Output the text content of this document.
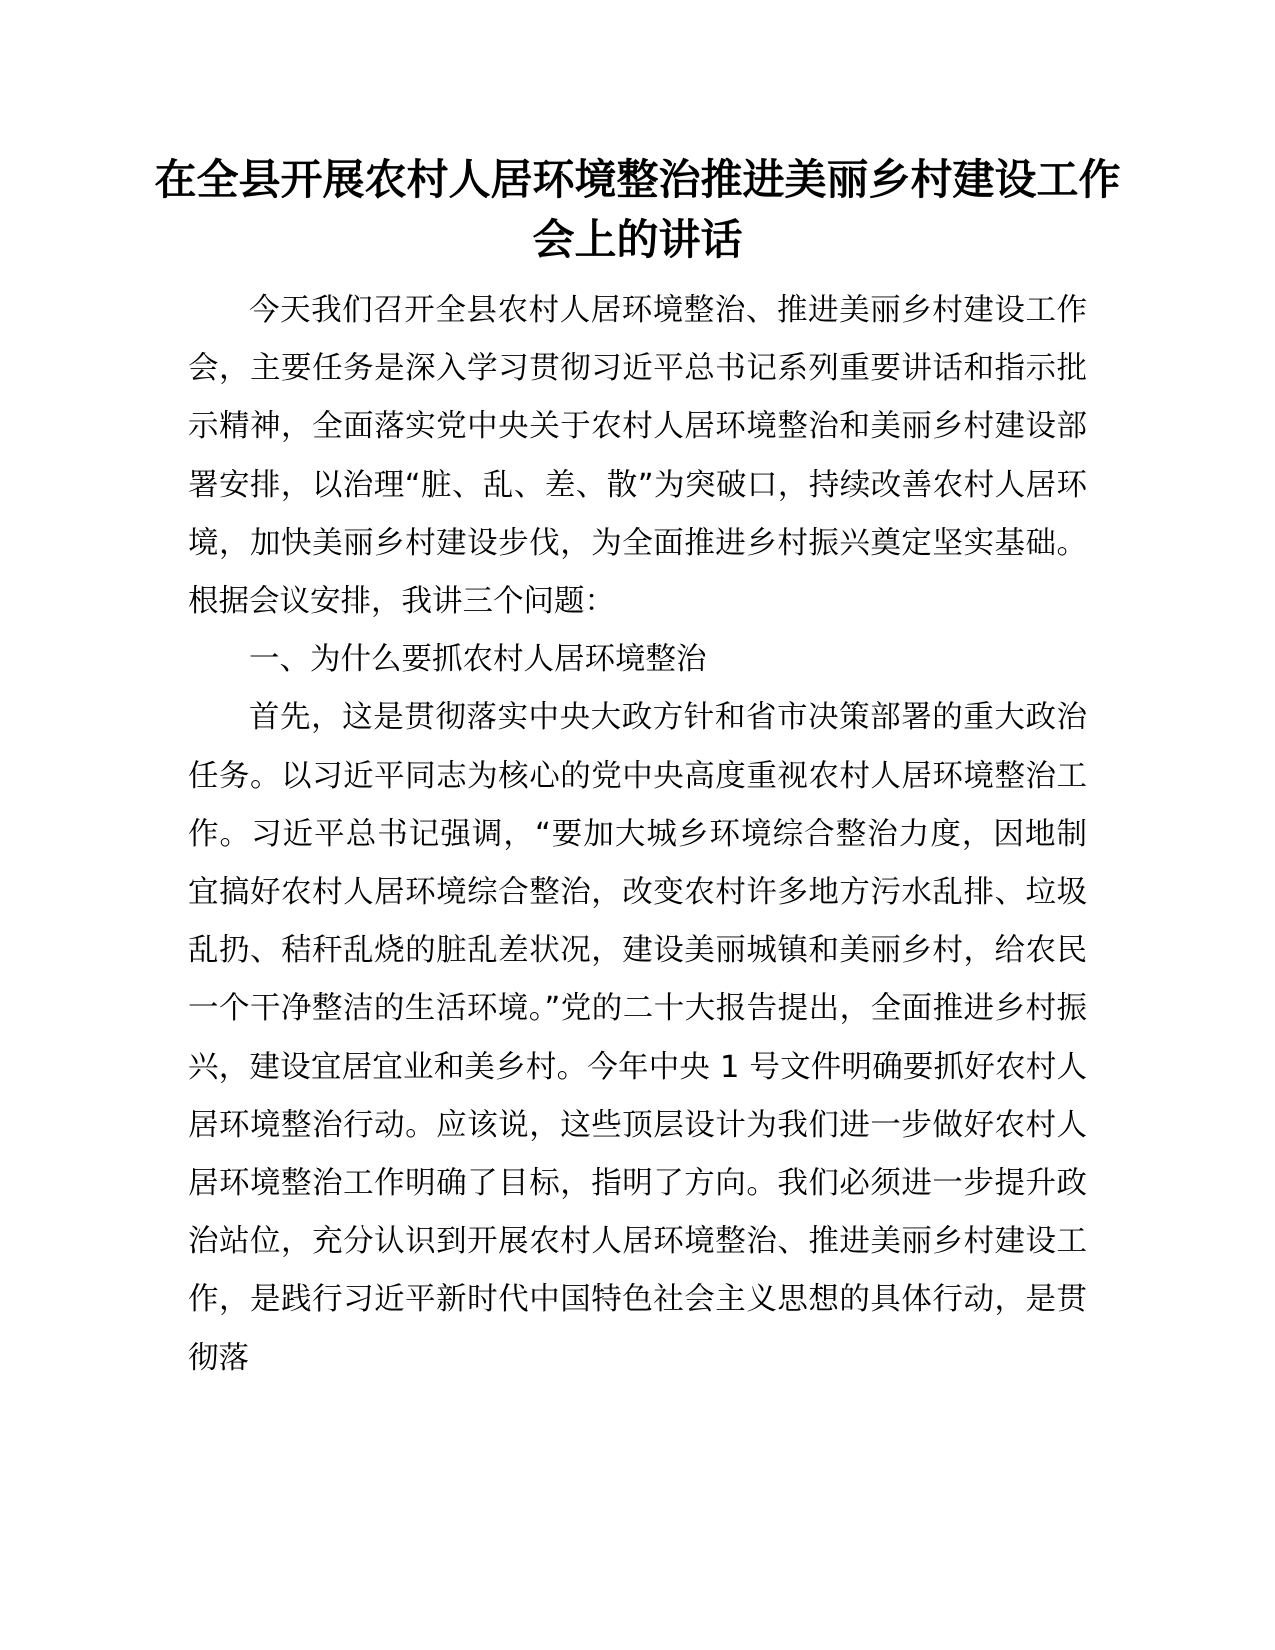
在全县开展农村人居环境整治推进美丽乡村建设工作会上的讲话

今天我们召开全县农村人居环境整治、推进美丽乡村建设工作会，主要任务是深入学习贯彻习近平总书记系列重要讲话和指示批示精神，全面落实党中央关于农村人居环境整治和美丽乡村建设部署安排，以治理“脏、乱、差、散”为突破口，持续改善农村人居环境，加快美丽乡村建设步伐，为全面推进乡村振兴奠定坚实基础。根据会议安排，我讲三个问题：

一、为什么要抓农村人居环境整治

首先，这是贯彻落实中央大政方针和省市决策部署的重大政治任务。以习近平同志为核心的党中央高度重视农村人居环境整治工作。习近平总书记强调，“要加大城乡环境综合整治力度，因地制宜搞好农村人居环境综合整治，改变农村许多地方污水乱排、垃圾乱扔、秸秆乱烧的脏乱差状况，建设美丽城镇和美丽乡村，给农民一个干净整洁的生活环境。”党的二十大报告提出，全面推进乡村振兴，建设宜居宜业和美乡村。今年中央 1 号文件明确要抓好农村人居环境整治行动。应该说，这些顶层设计为我们进一步做好农村人居环境整治工作明确了目标，指明了方向。我们必须进一步提升政治站位，充分认识到开展农村人居环境整治、推进美丽乡村建设工作，是践行习近平新时代中国特色社会主义思想的具体行动，是贯彻落
